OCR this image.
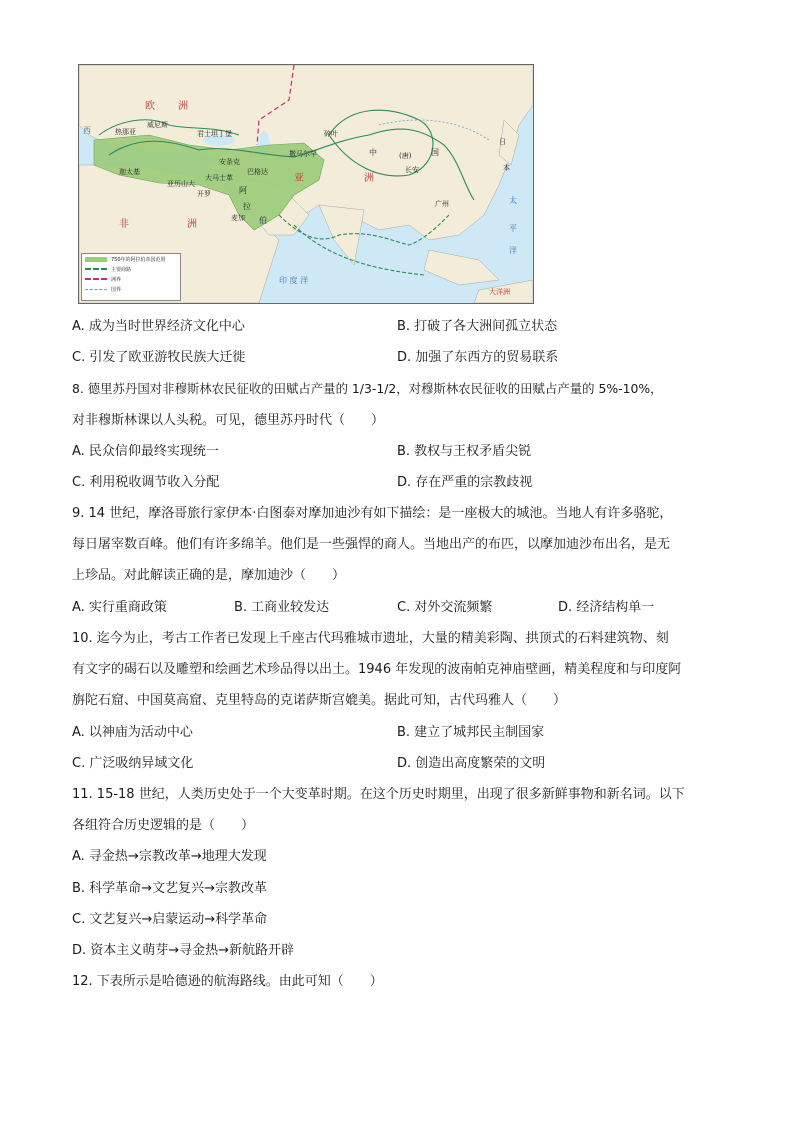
欧 洲
亚	洲
非	洲
阿
拉
伯
中	(唐) 国
印 度 洋
太
平
洋
西
威尼斯
热那亚	君士坦丁堡
安条克
巴格达
大马士革
亚历山大
开罗
麦加
撒马尔罕
碎叶
长安
广州
迦太基
大洋洲
日
本
750年的阿拉伯帝国范围
主要商路
洲界
国界
A. 成为当时世界经济文化中心	B. 打破了各大洲间孤立状态
C. 引发了欧亚游牧民族大迁徙	D. 加强了东西方的贸易联系
8. 德里苏丹国对非穆斯林农民征收的田赋占产量的 1/3-1/2，对穆斯林农民征收的田赋占产量的 5%-10%，
对非穆斯林课以人头税。可见，德里苏丹时代（　　）
A. 民众信仰最终实现统一	B. 教权与王权矛盾尖锐
C. 利用税收调节收入分配	D. 存在严重的宗教歧视
9. 14 世纪，摩洛哥旅行家伊本·白图泰对摩加迪沙有如下描绘：是一座极大的城池。当地人有许多骆驼，
每日屠宰数百峰。他们有许多绵羊。他们是一些强悍的商人。当地出产的布匹，以摩加迪沙布出名，是无
上珍品。对此解读正确的是，摩加迪沙（　　）
A. 实行重商政策	B. 工商业较发达	C. 对外交流频繁	D. 经济结构单一
10. 迄今为止，考古工作者已发现上千座古代玛雅城市遗址，大量的精美彩陶、拱顶式的石料建筑物、刻
有文字的碣石以及雕塑和绘画艺术珍品得以出土。1946 年发现的波南帕克神庙壁画，精美程度和与印度阿
旃陀石窟、中国莫高窟、克里特岛的克诺萨斯宫媲美。据此可知，古代玛雅人（　　）
A. 以神庙为活动中心	B. 建立了城邦民主制国家
C. 广泛吸纳异域文化	D. 创造出高度繁荣的文明
11. 15-18 世纪，人类历史处于一个大变革时期。在这个历史时期里，出现了很多新鲜事物和新名词。以下
各组符合历史逻辑的是（　　）
A. 寻金热→宗教改革→地理大发现
B. 科学革命→文艺复兴→宗教改革
C. 文艺复兴→启蒙运动→科学革命
D. 资本主义萌芽→寻金热→新航路开辟
12. 下表所示是哈德逊的航海路线。由此可知（　　）
